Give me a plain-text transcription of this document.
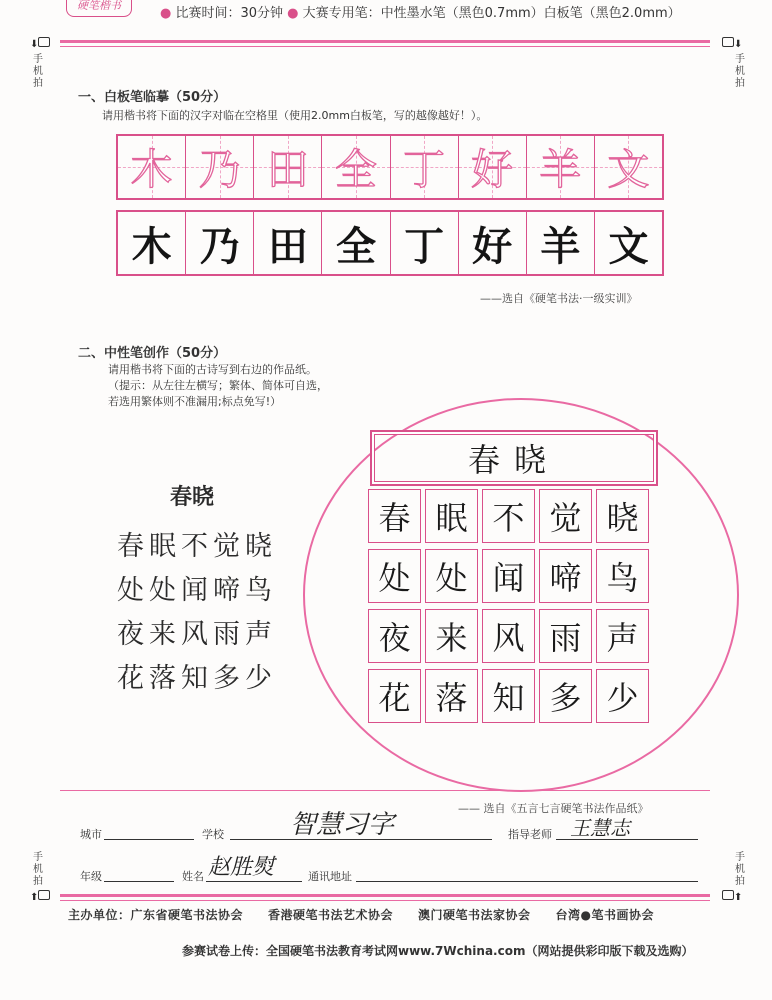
硬笔楷书
● 比赛时间：30分钟 ● 大赛专用笔：中性墨水笔（黑色0.7mm）白板笔（黑色2.0mm）
⬇
手机拍
⬇
手机拍
一、白板笔临摹（50分）
请用楷书将下面的汉字对临在空格里（使用2.0mm白板笔，写的越像越好！）。
木 乃 田 全 丁 好 羊 文
木 乃 田 全 丁 好 羊 文
——选自《硬笔书法·一级实训》
二、中性笔创作（50分）
请用楷书将下面的古诗写到右边的作品纸。
（提示：从左往左横写；繁体、简体可自选，
若选用繁体则不准漏用;标点免写!）
春晓
春眠不觉晓
处处闻啼鸟
夜来风雨声
花落知多少
春晓
春 眠 不 觉 晓
处 处 闻 啼 鸟
夜 来 风 雨 声
花 落 知 多 少
—— 选自《五言七言硬笔书法作品纸》
城市	学校	智慧习字	指导老师 王慧志
年级	姓名 赵胜熨	通讯地址
手机拍
⬆
手机拍
⬆
主办单位：广东省硬笔书法协会　　香港硬笔书法艺术协会　　澳门硬笔书法家协会　　台湾●笔书画协会
参赛试卷上传：全国硬笔书法教育考试网www.7Wchina.com（网站提供彩印版下载及选购）
